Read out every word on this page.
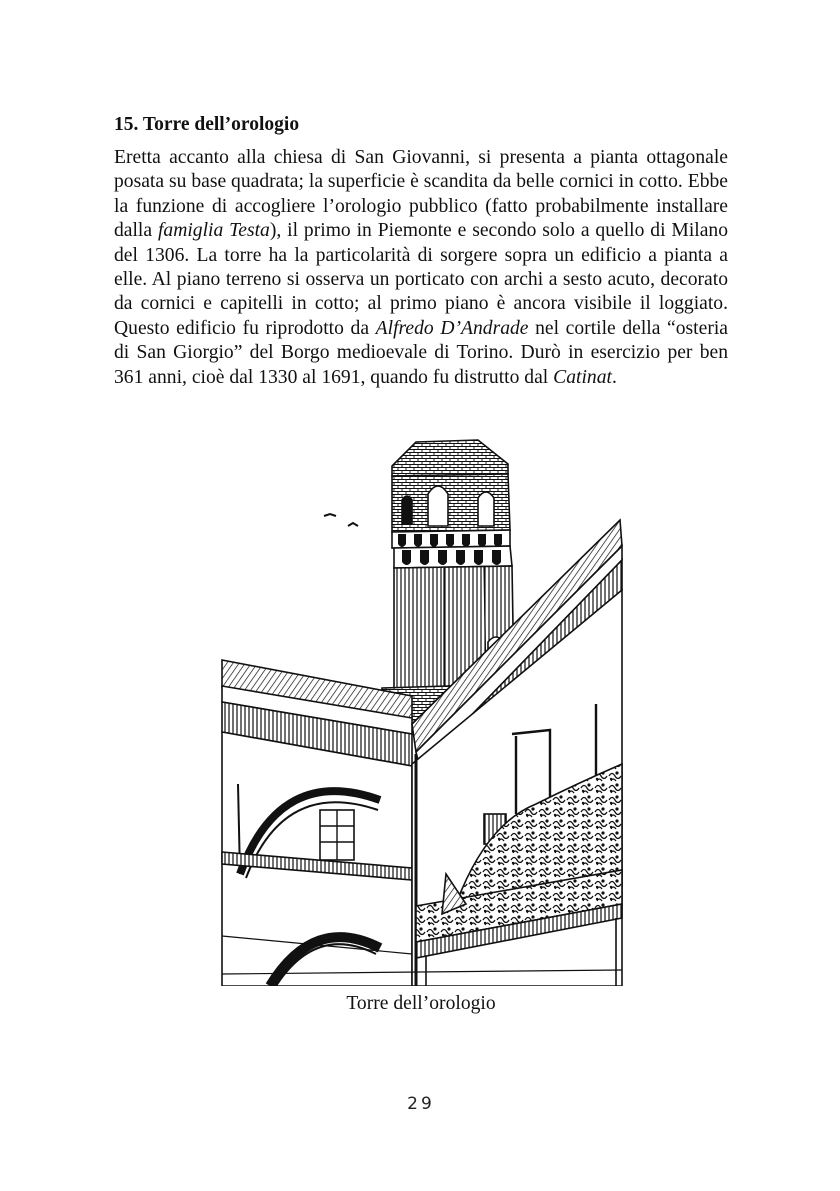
15. Torre dell’orologio

Eretta accanto alla chiesa di San Giovanni, si presenta a pianta ottagonale posata su base quadrata; la superficie è scandita da belle cornici in cotto. Ebbe la funzione di accogliere l’orologio pubblico (fatto probabilmente installare dalla famiglia Testa), il primo in Piemonte e secondo solo a quello di Milano del 1306. La torre ha la particolarità di sorgere sopra un edificio a pianta a elle. Al piano terreno si osserva un porticato con archi a sesto acuto, decorato da cornici e capitelli in cotto; al primo piano è ancora visibile il loggiato. Questo edificio fu riprodotto da Alfredo D’Andrade nel cortile della “osteria di San Giorgio” del Borgo medioevale di Torino. Durò in esercizio per ben 361 anni, cioè dal 1330 al 1691, quando fu distrutto dal Catinat.

Torre dell’orologio
29
